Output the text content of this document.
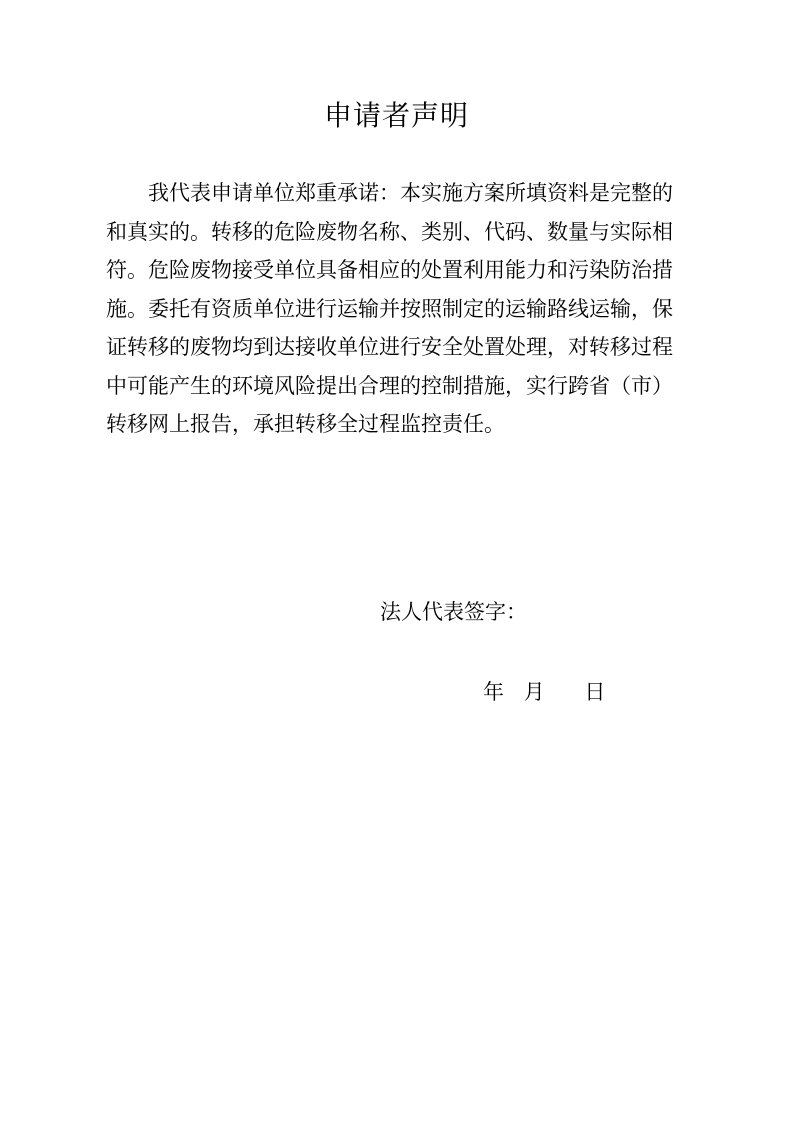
申请者声明
　　我代表申请单位郑重承诺：本实施方案所填资料是完整的
和真实的。转移的危险废物名称、类别、代码、数量与实际相
符。危险废物接受单位具备相应的处置利用能力和污染防治措
施。委托有资质单位进行运输并按照制定的运输路线运输，保
证转移的废物均到达接收单位进行安全处置处理，对转移过程
中可能产生的环境风险提出合理的控制措施，实行跨省（市）
转移网上报告，承担转移全过程监控责任。
法人代表签字：
年 月 日
